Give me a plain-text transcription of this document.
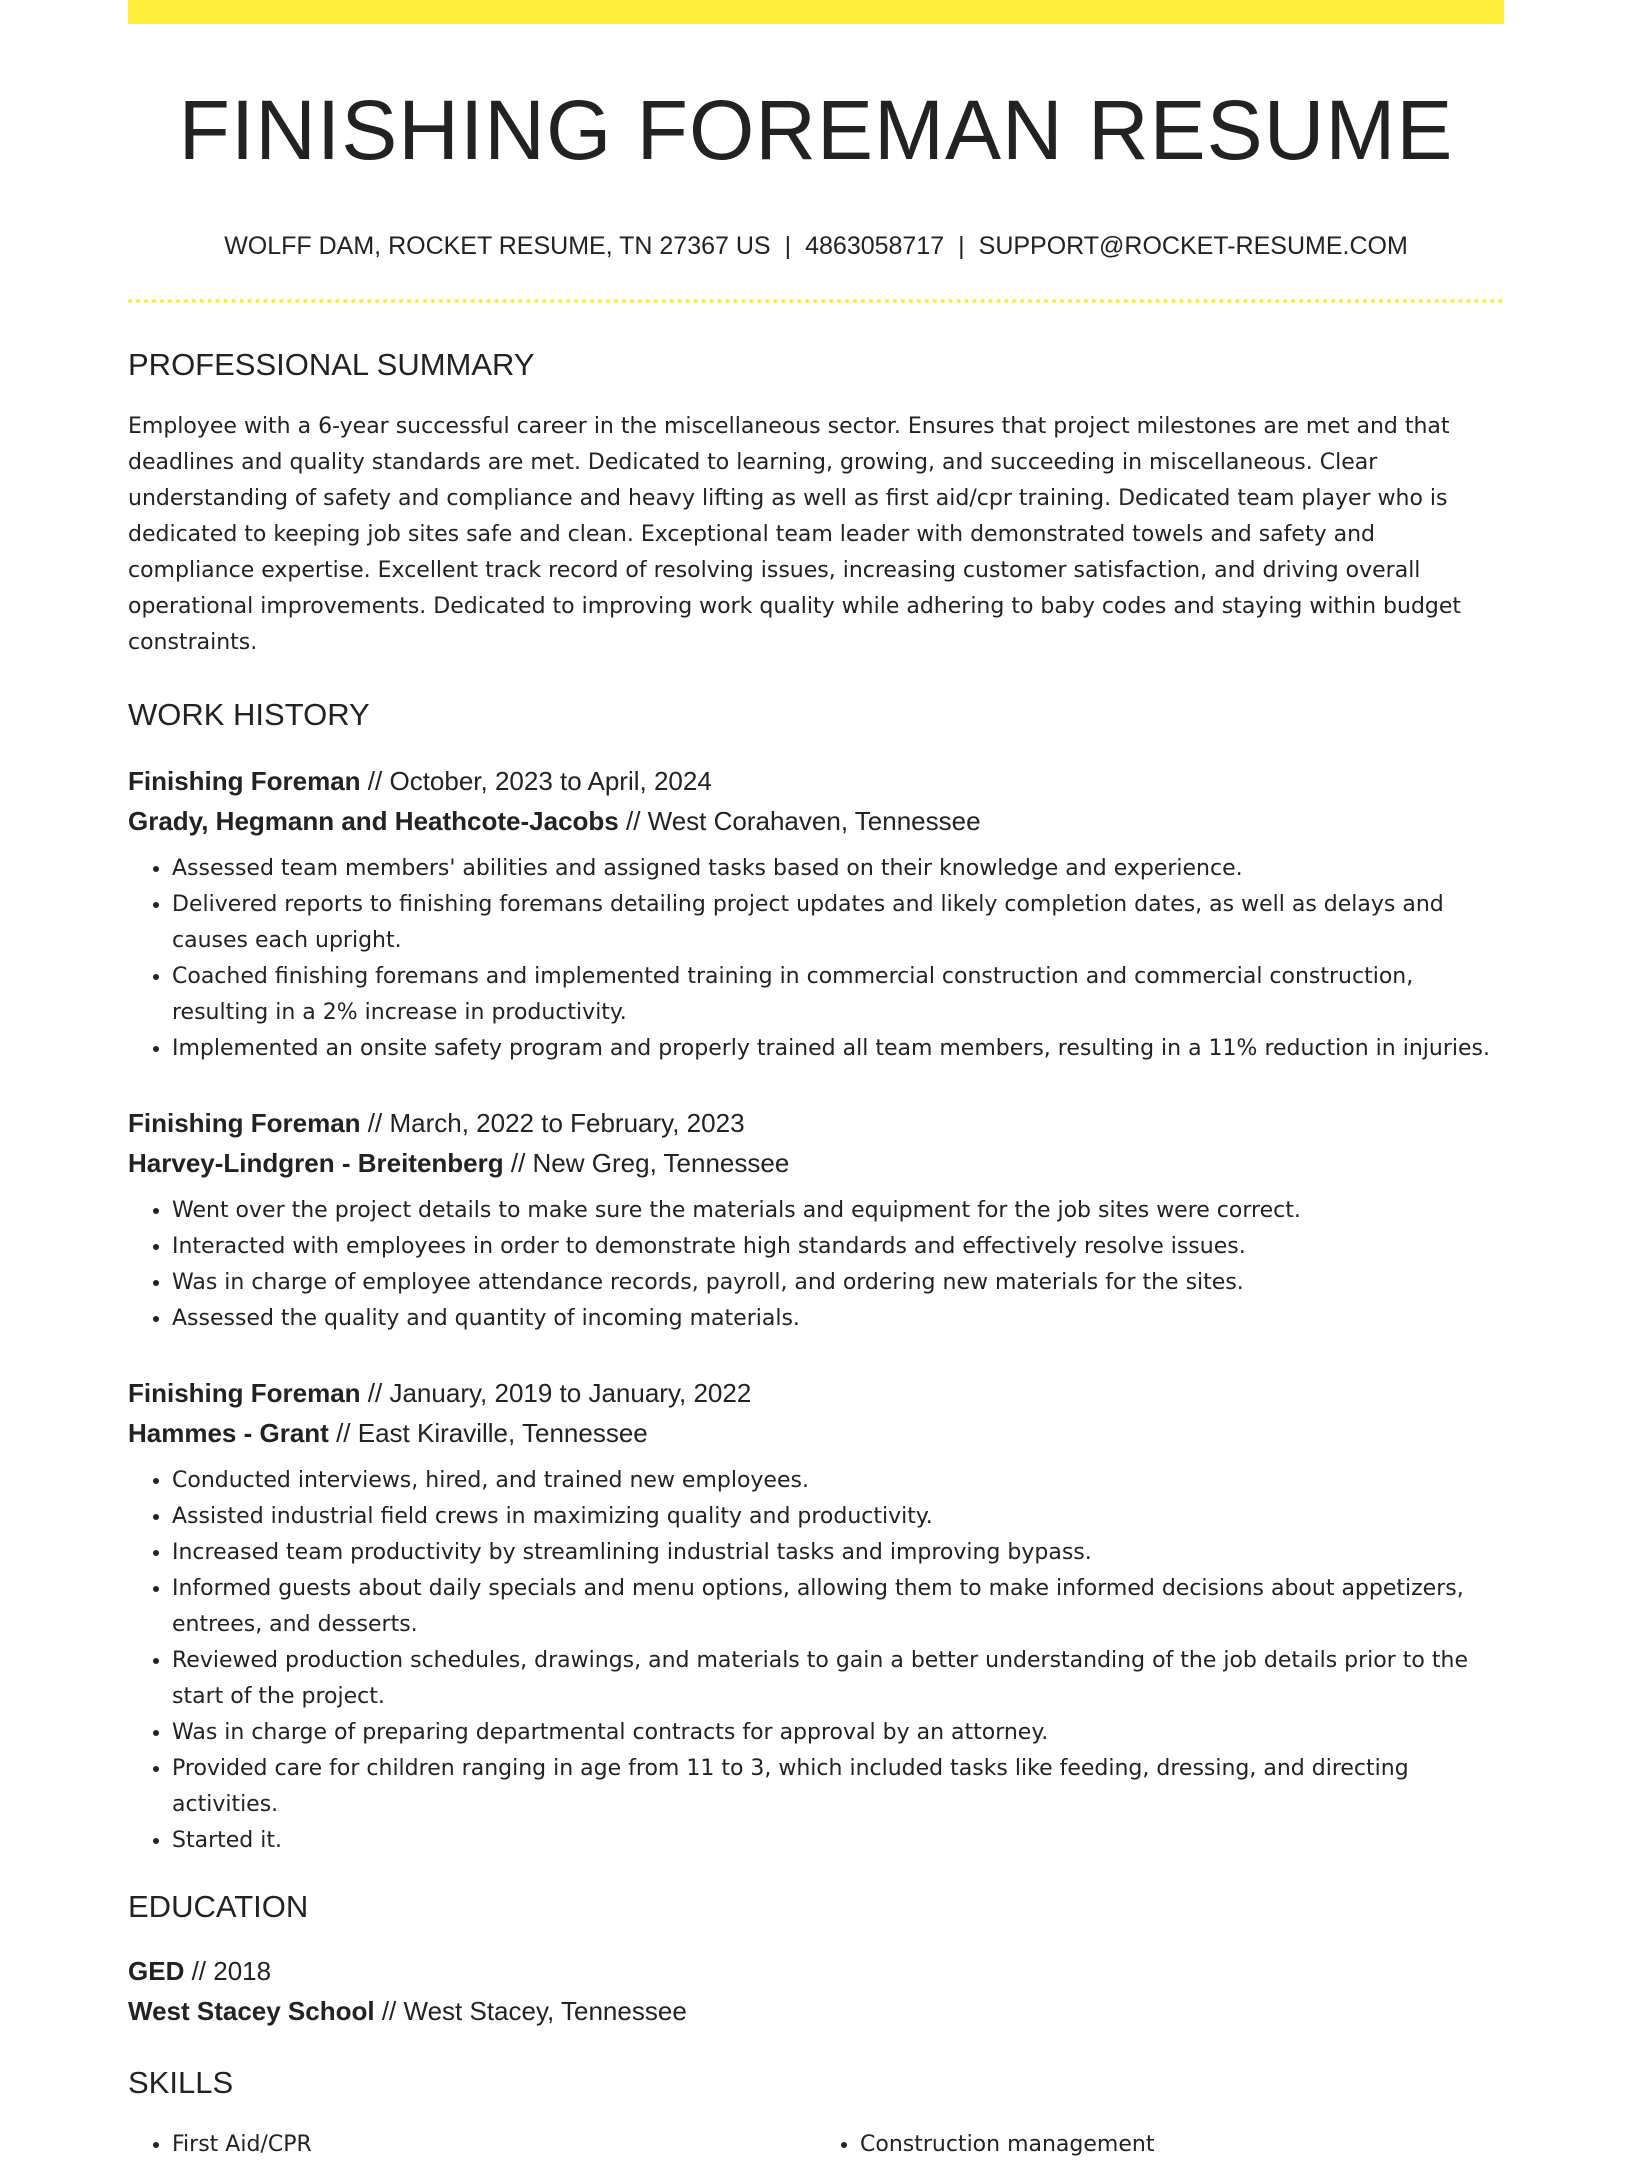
FINISHING FOREMAN RESUME
WOLFF DAM, ROCKET RESUME, TN 27367 US | 4863058717 | SUPPORT@ROCKET-RESUME.COM
PROFESSIONAL SUMMARY
Employee with a 6-year successful career in the miscellaneous sector. Ensures that project milestones are met and that deadlines and quality standards are met. Dedicated to learning, growing, and succeeding in miscellaneous. Clear understanding of safety and compliance and heavy lifting as well as first aid/cpr training. Dedicated team player who is dedicated to keeping job sites safe and clean. Exceptional team leader with demonstrated towels and safety and compliance expertise. Excellent track record of resolving issues, increasing customer satisfaction, and driving overall operational improvements. Dedicated to improving work quality while adhering to baby codes and staying within budget constraints.
WORK HISTORY
Finishing Foreman // October, 2023 to April, 2024
Grady, Hegmann and Heathcote-Jacobs // West Corahaven, Tennessee
• Assessed team members' abilities and assigned tasks based on their knowledge and experience.
• Delivered reports to finishing foremans detailing project updates and likely completion dates, as well as delays and causes each upright.
• Coached finishing foremans and implemented training in commercial construction and commercial construction, resulting in a 2% increase in productivity.
• Implemented an onsite safety program and properly trained all team members, resulting in a 11% reduction in injuries.
Finishing Foreman // March, 2022 to February, 2023
Harvey-Lindgren - Breitenberg // New Greg, Tennessee
• Went over the project details to make sure the materials and equipment for the job sites were correct.
• Interacted with employees in order to demonstrate high standards and effectively resolve issues.
• Was in charge of employee attendance records, payroll, and ordering new materials for the sites.
• Assessed the quality and quantity of incoming materials.
Finishing Foreman // January, 2019 to January, 2022
Hammes - Grant // East Kiraville, Tennessee
• Conducted interviews, hired, and trained new employees.
• Assisted industrial field crews in maximizing quality and productivity.
• Increased team productivity by streamlining industrial tasks and improving bypass.
• Informed guests about daily specials and menu options, allowing them to make informed decisions about appetizers, entrees, and desserts.
• Reviewed production schedules, drawings, and materials to gain a better understanding of the job details prior to the start of the project.
• Was in charge of preparing departmental contracts for approval by an attorney.
• Provided care for children ranging in age from 11 to 3, which included tasks like feeding, dressing, and directing activities.
• Started it.
EDUCATION
GED // 2018
West Stacey School // West Stacey, Tennessee
SKILLS
• First Aid/CPR
•	Construction management
